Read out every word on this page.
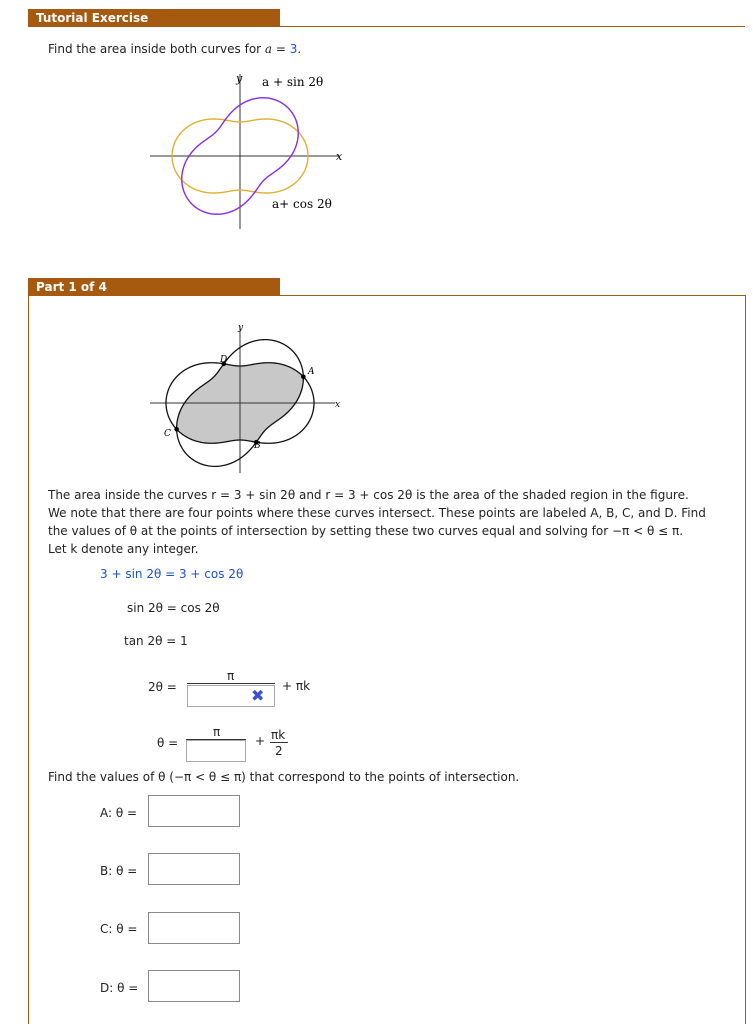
Tutorial Exercise
Find the area inside both curves for a = 3.
y
x
a + sin 2θ
a+ cos 2θ
Part 1 of 4
y
x
A
B
C
D
The area inside the curves r = 3 + sin 2θ and r = 3 + cos 2θ is the area of the shaded region in the figure.
We note that there are four points where these curves intersect. These points are labeled A, B, C, and D. Find
the values of θ at the points of intersection by setting these two curves equal and solving for −π < θ ≤ π.
Let k denote any integer.
3 + sin 2θ = 3 + cos 2θ
sin 2θ = cos 2θ
tan 2θ = 1
2θ =
π
✖ + πk
θ =
π
+ πk
2
Find the values of θ (−π < θ ≤ π) that correspond to the points of intersection.
A: θ =
B: θ =
C: θ =
D: θ =
